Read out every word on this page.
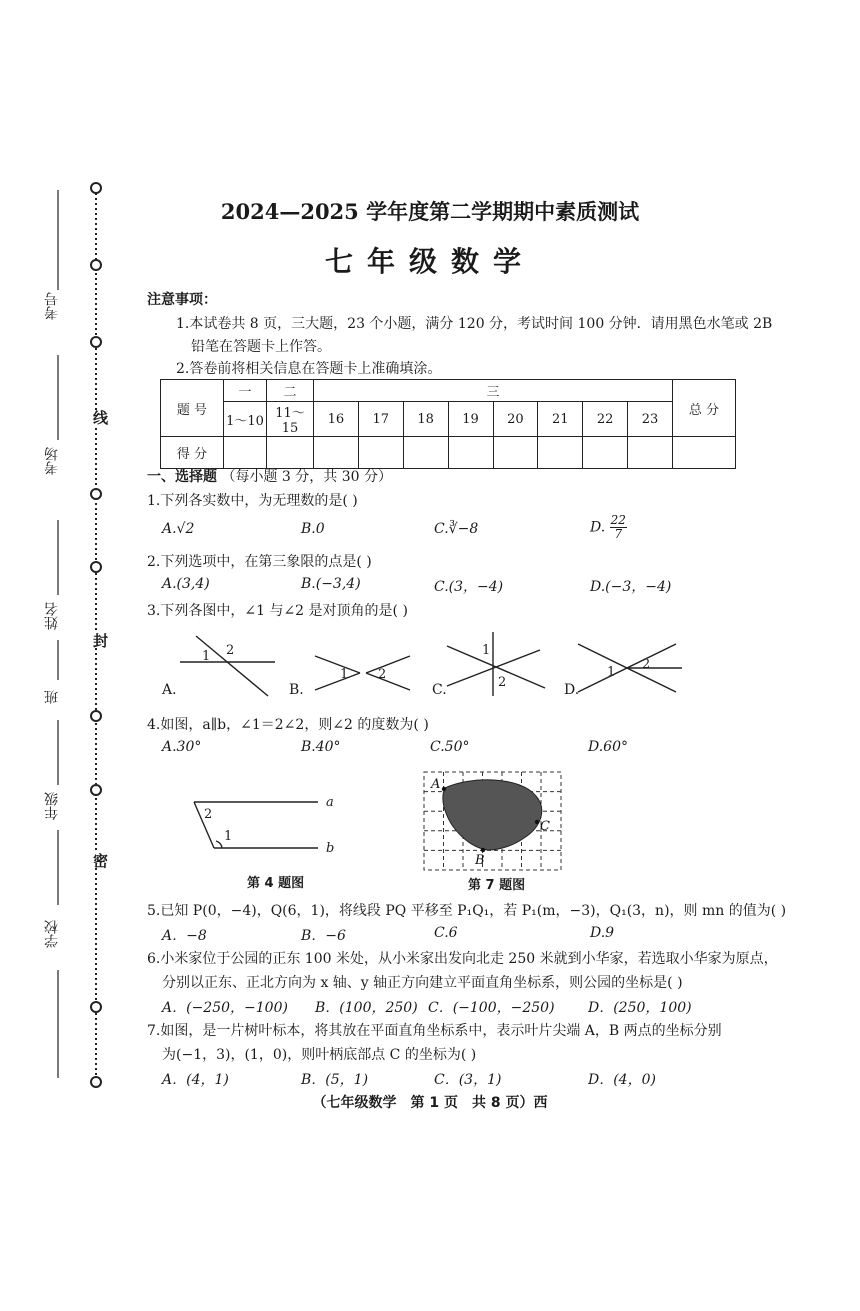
考号
考场
姓名
班
年级
学校
线
封
密
2024—2025 学年度第二学期期中素质测试
七年级数学
注意事项：
1.本试卷共 8 页，三大题，23 个小题，满分 120 分，考试时间 100 分钟．请用黑色水笔或 2B
铅笔在答题卡上作答。
2.答卷前将相关信息在答题卡上准确填涂。
题 号	一	二	三								总 分
	1～10	11～15	16	17	18	19	20	21	22	23	
得 分											
一、选择题 （每小题 3 分，共 30 分）
1.下列各实数中，为无理数的是( )
A.√2	B.0	C.∛−8	D. $\frac{22}{7}$
2.下列选项中，在第三象限的点是( )
A.(3,4)	B.(−3,4)	C.(3，−4)	D.(−3，−4)
3.下列各图中，∠1 与∠2 是对顶角的是( )
1 2
1 2
1
2
1
2
A.	B.	C.	D.
4.如图，a∥b，∠1＝2∠2，则∠2 的度数为( )
A.30°	B.40°	C.50°	D.60°
2
1
a
b
第 4 题图
A
B
C
第 7 题图
5.已知 P(0，−4)，Q(6，1)，将线段 PQ 平移至 P₁Q₁，若 P₁(m，−3)，Q₁(3，n)，则 mn 的值为( )
A．−8	B．−6	C.6	D.9
6.小米家位于公园的正东 100 米处，从小米家出发向北走 250 米就到小华家，若选取小华家为原点，
分别以正东、正北方向为 x 轴、y 轴正方向建立平面直角坐标系，则公园的坐标是( )
A．(−250，−100) B．(100，250) C．(−100，−250) D．(250，100)
7.如图，是一片树叶标本，将其放在平面直角坐标系中，表示叶片尖端 A，B 两点的坐标分别
为(−1，3)，(1，0)，则叶柄底部点 C 的坐标为( )
A．(4，1)	B．(5，1)	C．(3，1)	D．(4，0)
（七年级数学　第 1 页　共 8 页）西
